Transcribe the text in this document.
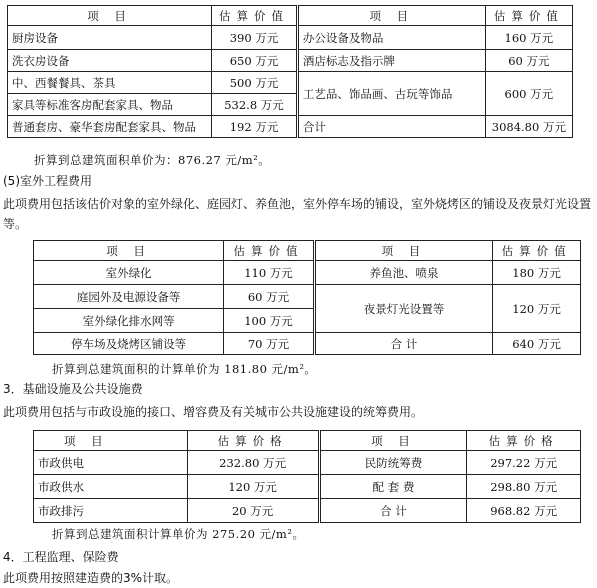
项 目	估算价值	项 目	估算价值
厨房设备	390 万元	办公设备及物品	160 万元
洗衣房设备	650 万元	酒店标志及指示牌	60 万元
中、西餐餐具、茶具	500 万元	工艺品、饰品画、古玩等饰品	600 万元
家具等标准客房配套家具、物品	532.8 万元		
普通套房、豪华套房配套家具、物品	192 万元	合计	3084.80 万元
折算到总建筑面积单价为：876.27 元/m²。
(5)室外工程费用
此项费用包括该估价对象的室外绿化、庭园灯、养鱼池，室外停车场的铺设，室外烧烤区的铺设及夜景灯光设置
等。
项 目	估算价值	项 目	估算价值
室外绿化	110 万元	养鱼池、喷泉	180 万元
庭园外及电源设备等	60 万元	夜景灯光设置等	120 万元
室外绿化排水网等	100 万元		
停车场及烧烤区铺设等	70 万元	合 计	640 万元
折算到总建筑面积的计算单价为 181.80 元/m²。
3．基础设施及公共设施费
此项费用包括与市政设施的接口、增容费及有关城市公共设施建设的统筹费用。
项 目	估算价格	项 目	估算价格
市政供电	232.80 万元	民防统筹费	297.22 万元
市政供水	120 万元	配 套 费	298.80 万元
市政排污	20 万元	合 计	968.82 万元
折算到总建筑面积计算单价为 275.20 元/m²。
4．工程监理、保险费
此项费用按照建造费的3%计取。
